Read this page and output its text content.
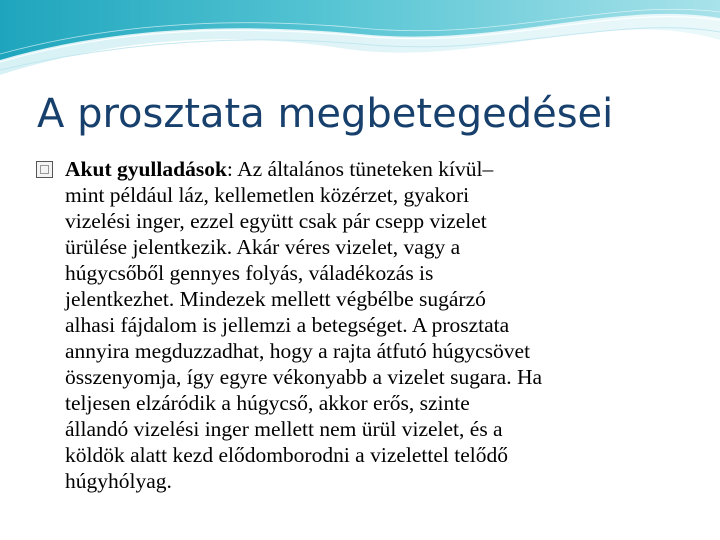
A prosztata megbetegedései

Akut gyulladások: Az általános tüneteken kívül–
mint például láz, kellemetlen közérzet, gyakori
vizelési inger, ezzel együtt csak pár csepp vizelet
ürülése jelentkezik. Akár véres vizelet, vagy a
húgycsőből gennyes folyás, váladékozás is
jelentkezhet. Mindezek mellett végbélbe sugárzó
alhasi fájdalom is jellemzi a betegséget. A prosztata
annyira megduzzadhat, hogy a rajta átfutó húgycsövet
összenyomja, így egyre vékonyabb a vizelet sugara. Ha
teljesen elzáródik a húgycső, akkor erős, szinte
állandó vizelési inger mellett nem ürül vizelet, és a
köldök alatt kezd elődomborodni a vizelettel telődő
húgyhólyag.
